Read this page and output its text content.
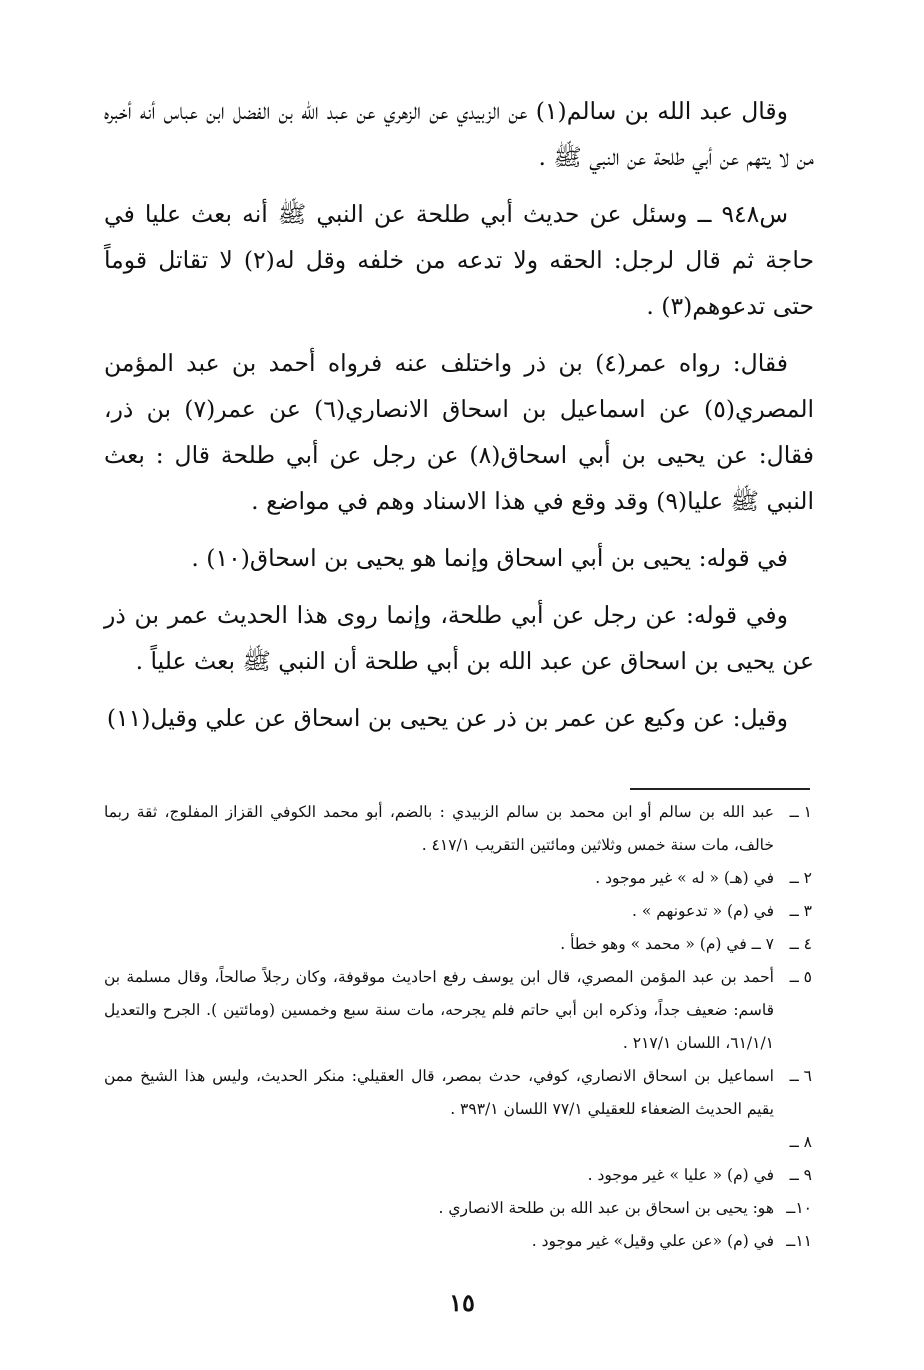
وقال عبد الله بن سالم(١) عن الزبيدي عن الزهري عن عبد الله بن الفضل ابن عباس أنه أخبره من لا يتهم عن أبي طلحة عن النبي ﷺ .

س٩٤٨ ــ وسئل عن حديث أبي طلحة عن النبي ﷺ أنه بعث عليا في حاجة ثم قال لرجل: الحقه ولا تدعه من خلفه وقل له(٢) لا تقاتل قوماً حتى تدعوهم(٣) .

فقال: رواه عمر(٤) بن ذر واختلف عنه فرواه أحمد بن عبد المؤمن المصري(٥) عن اسماعيل بن اسحاق الانصاري(٦) عن عمر(٧) بن ذر، فقال: عن يحيى بن أبي اسحاق(٨) عن رجل عن أبي طلحة قال : بعث النبي ﷺ عليا(٩) وقد وقع في هذا الاسناد وهم في مواضع .

في قوله: يحيى بن أبي اسحاق وإنما هو يحيى بن اسحاق(١٠) .

وفي قوله: عن رجل عن أبي طلحة، وإنما روى هذا الحديث عمر بن ذر عن يحيى بن اسحاق عن عبد الله بن أبي طلحة أن النبي ﷺ بعث علياً .

وقيل: عن وكيع عن عمر بن ذر عن يحيى بن اسحاق عن علي وقيل(١١)

١ ــ
عبد الله بن سالم أو ابن محمد بن سالم الزبيدي : بالضم، أبو محمد الكوفي القزاز المفلوج، ثقة ربما خالف، مات سنة خمس وثلاثين ومائتين التقريب ٤١٧/١ .
٢ ــ
في (هـ) « له » غير موجود .
٣ ــ
في (م) « تدعونهم » .
٤ ــ
٧ ــ في (م) « محمد » وهو خطأ .
٥ ــ
أحمد بن عبد المؤمن المصري، قال ابن يوسف رفع احاديث موقوفة، وكان رجلاً صالحاً، وقال مسلمة بن قاسم: ضعيف جداً، وذكره ابن أبي حاتم فلم يجرحه، مات سنة سبع وخمسين (ومائتين ). الجرح والتعديل ٦١/١/١، اللسان ٢١٧/١ .
٦ ــ
اسماعيل بن اسحاق الانصاري، كوفي، حدث بمصر، قال العقيلي: منكر الحديث، وليس هذا الشيخ ممن يقيم الحديث الضعفاء للعقيلي ٧٧/١ اللسان ٣٩٣/١ .
٨ ــ
٩ ــ
في (م) « عليا » غير موجود .
١٠ــ
هو: يحيى بن اسحاق بن عبد الله بن طلحة الانصاري .
١١ــ
في (م) «عن علي وقيل» غير موجود .
١٥
